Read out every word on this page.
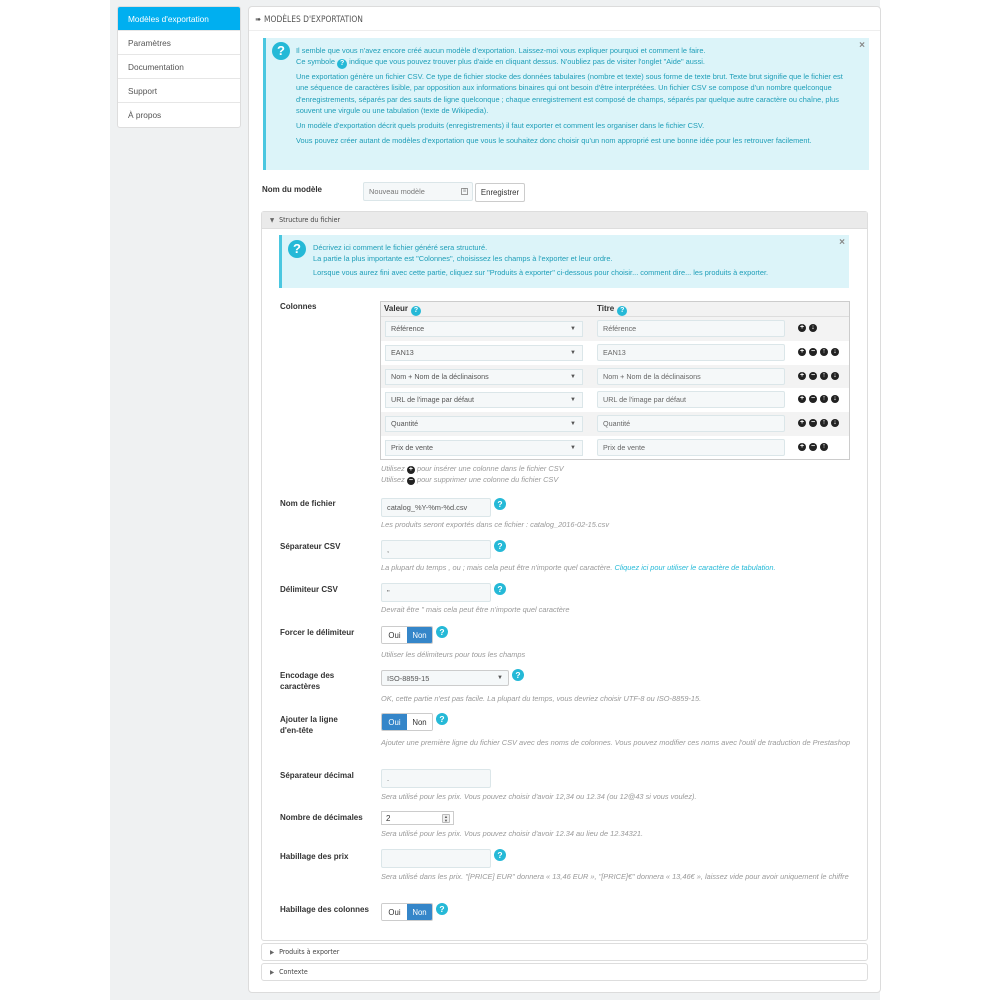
Modèles d'exportation
Paramètres
Documentation
Support
À propos
➠ MODÈLES D'EXPORTATION
?	×

Il semble que vous n'avez encore créé aucun modèle d'exportation. Laissez-moi vous expliquer pourquoi et comment le faire.
Ce symbole ? indique que vous pouvez trouver plus d'aide en cliquant dessus. N'oubliez pas de visiter l'onglet "Aide" aussi.

Une exportation génère un fichier CSV. Ce type de fichier stocke des données tabulaires (nombre et texte) sous forme de texte brut. Texte brut signifie que le fichier est une séquence de caractères lisible, par opposition aux informations binaires qui ont besoin d'être interprétées. Un fichier CSV se compose d'un nombre quelconque d'enregistrements, séparés par des sauts de ligne quelconque ; chaque enregistrement est composé de champs, séparés par quelque autre caractère ou chaîne, plus souvent une virgule ou une tabulation (texte de Wikipedia).

Un modèle d'exportation décrit quels produits (enregistrements) il faut exporter et comment les organiser dans le fichier CSV.

Vous pouvez créer autant de modèles d'exportation que vous le souhaitez donc choisir qu'un nom approprié est une bonne idée pour les retrouver facilement.

Nom du modèle	Nouveau modèle	≡	Enregistrer
▼ Structure du fichier
?	×
Décrivez ici comment le fichier généré sera structuré.
La partie la plus importante est "Colonnes", choisissez les champs à l'exporter et leur ordre.
Lorsque vous aurez fini avec cette partie, cliquez sur "Produits à exporter" ci-dessous pour choisir... comment dire... les produits à exporter.
Colonnes	Valeur ?	Titre ?
Référence	▼	Référence	+	↓
EAN13	▼	EAN13	+ −	↑	↓
Nom + Nom de la déclinaisons	▼	Nom + Nom de la déclinaisons	+ −	↑	↓
URL de l'image par défaut	▼	URL de l'image par défaut	+ −	↑	↓
Quantité	▼	Quantité	+ −	↑	↓
Prix de vente	▼	Prix de vente	+ −	↑
Utilisez + pour insérer une colonne dans le fichier CSV
Utilisez − pour supprimer une colonne du fichier CSV
Nom de fichier	catalog_%Y-%m-%d.csv	?
Les produits seront exportés dans ce fichier : catalog_2016-02-15.csv
Séparateur CSV	,	?
La plupart du temps , ou ; mais cela peut être n'importe quel caractère. Cliquez ici pour utiliser le caractère de tabulation.
Délimiteur CSV	"	?
Devrait être " mais cela peut être n'importe quel caractère
Forcer le délimiteur	Oui	Non	?
Utiliser les délimiteurs pour tous les champs
Encodage des
caractères
ISO-8859-15	▼	?
OK, cette partie n'est pas facile. La plupart du temps, vous devriez choisir UTF-8 ou ISO-8859-15.
Ajouter la ligne
d'en-tête
Oui	Non	?
Ajouter une première ligne du fichier CSV avec des noms de colonnes. Vous pouvez modifier ces noms avec l'outil de traduction de Prestashop
Séparateur décimal	.
Sera utilisé pour les prix. Vous pouvez choisir d'avoir 12,34 ou 12.34 (ou 12@43 si vous voulez).
Nombre de décimales	2	▲
▼
Sera utilisé pour les prix. Vous pouvez choisir d'avoir 12.34 au lieu de 12.34321.
Habillage des prix	?
Sera utilisé dans les prix. "[PRICE] EUR" donnera « 13,46 EUR », "[PRICE]€" donnera « 13,46€ », laissez vide pour avoir uniquement le chiffre
Habillage des colonnes	Oui	Non	?
▶ Produits à exporter
▶ Contexte
